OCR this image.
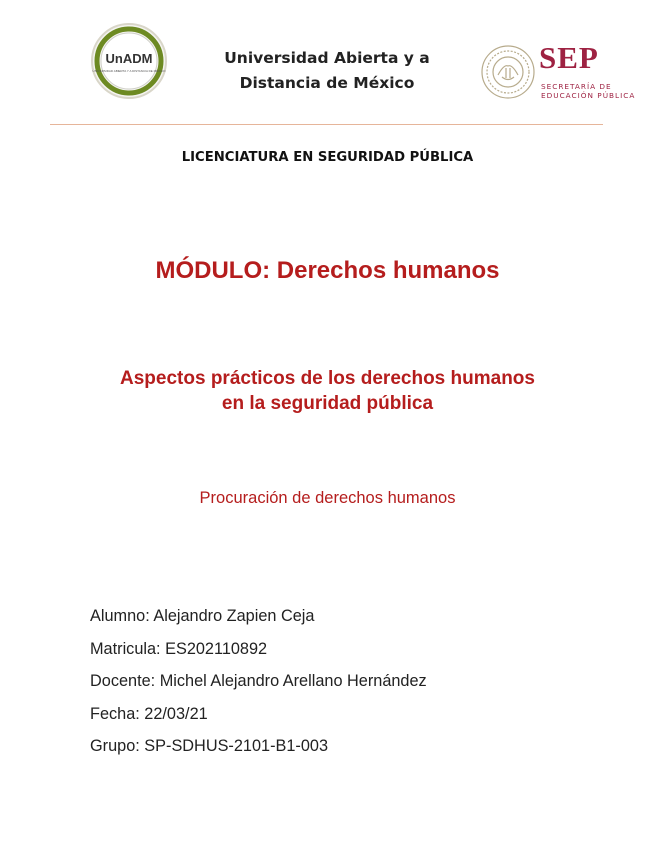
UnADM
UNIVERSIDAD ABIERTA Y A DISTANCIA DE MÉXICO
Universidad Abierta y a
Distancia de México
SEP
SECRETARÍA DE
EDUCACIÓN PÚBLICA
LICENCIATURA EN SEGURIDAD PÚBLICA
MÓDULO: Derechos humanos
Aspectos prácticos de los derechos humanos
en la seguridad pública
Procuración de derechos humanos
Alumno: Alejandro Zapien Ceja
Matricula: ES202110892
Docente: Michel Alejandro Arellano Hernández
Fecha: 22/03/21
Grupo: SP-SDHUS-2101-B1-003
